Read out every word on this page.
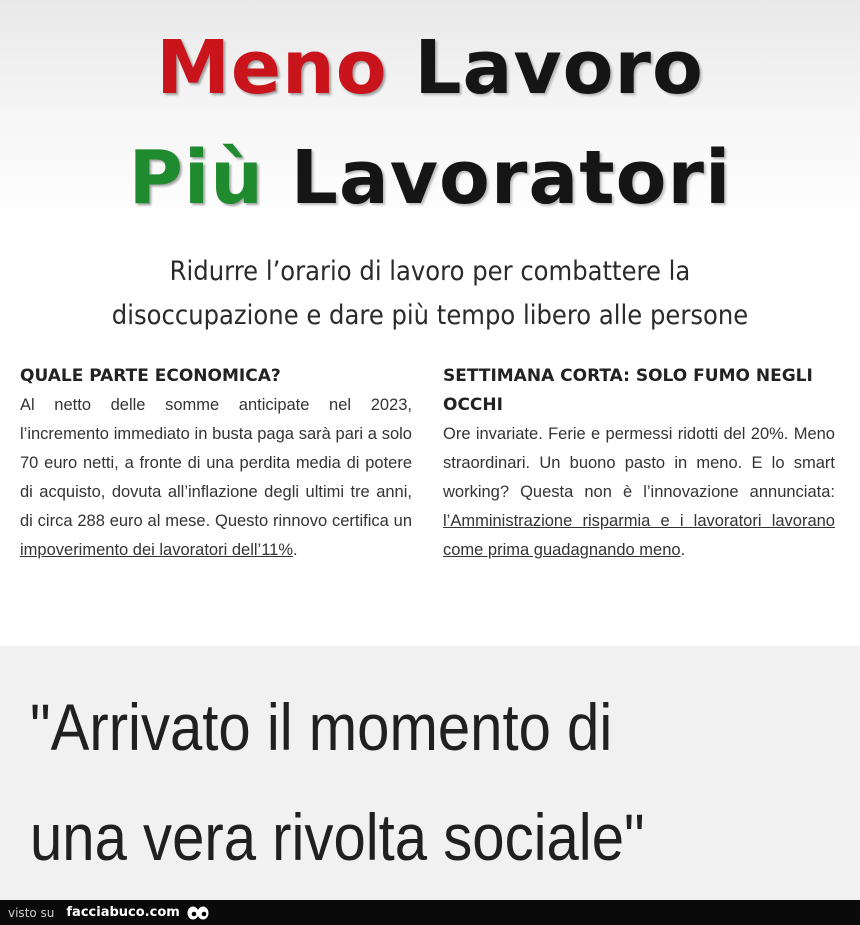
Meno Lavoro
Più Lavoratori
Ridurre l’orario di lavoro per combattere la
disoccupazione e dare più tempo libero alle persone

QUALE PARTE ECONOMICA?

Al netto delle somme anticipate nel 2023, l’incremento immediato in busta paga sarà pari a solo 70 euro netti, a fronte di una perdita media di potere di acquisto, dovuta all’inflazione degli ultimi tre anni, di circa 288 euro al mese. Questo rinnovo certifica un impoverimento dei lavoratori dell’11%.

SETTIMANA CORTA: SOLO FUMO NEGLI OCCHI

Ore invariate. Ferie e permessi ridotti del 20%. Meno straordinari. Un buono pasto in meno. E lo smart working? Questa non è l’innovazione annunciata: l’Amministrazione risparmia e i lavoratori lavorano come prima guadagnando meno.

"Arrivato il momento di
una vera rivolta sociale"
visto su facciabuco.com
